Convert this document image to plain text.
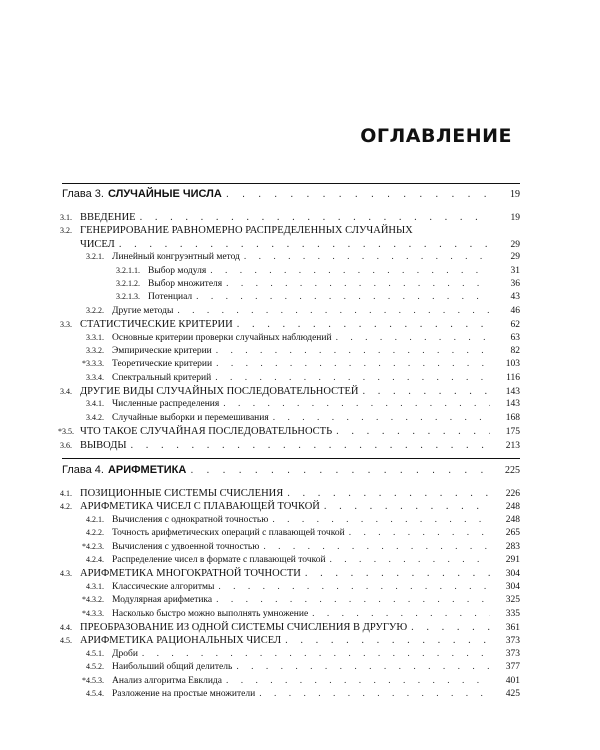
ОГЛАВЛЕНИЕ
Глава 3. СЛУЧАЙНЫЕ ЧИСЛА . . .	19
3.1. ВВЕДЕНИЕ . . .	19
3.2. ГЕНЕРИРОВАНИЕ РАВНОМЕРНО РАСПРЕДЕЛЕННЫХ СЛУЧАЙНЫХ
ЧИСЕЛ . . .	29
3.2.1. Линейный конгруэнтный метод . . .	29
3.2.1.1. Выбор модуля . . .	31
3.2.1.2. Выбор множителя . . .	36
3.2.1.3. Потенциал . . .	43
3.2.2. Другие методы . . .	46
3.3. СТАТИСТИЧЕСКИЕ КРИТЕРИИ . . .	62
3.3.1. Основные критерии проверки случайных наблюдений . . .	63
3.3.2. Эмпирические критерии . . .	82
*3.3.3. Теоретические критерии . . .	103
3.3.4. Спектральный критерий . . .	116
3.4. ДРУГИЕ ВИДЫ СЛУЧАЙНЫХ ПОСЛЕДОВАТЕЛЬНОСТЕЙ . . .	143
3.4.1. Численные распределения . . .	143
3.4.2. Случайные выборки и перемешивания . . .	168
*3.5. ЧТО ТАКОЕ СЛУЧАЙНАЯ ПОСЛЕДОВАТЕЛЬНОСТЬ . . .	175
3.6. ВЫВОДЫ . . .	213
Глава 4. АРИФМЕТИКА . . .	225
4.1. ПОЗИЦИОННЫЕ СИСТЕМЫ СЧИСЛЕНИЯ . . .	226
4.2. АРИФМЕТИКА ЧИСЕЛ С ПЛАВАЮЩЕЙ ТОЧКОЙ . . .	248
4.2.1. Вычисления с однократной точностью . . .	248
4.2.2. Точность арифметических операций с плавающей точкой . . .	265
*4.2.3. Вычисления с удвоенной точностью . . .	283
4.2.4. Распределение чисел в формате с плавающей точкой . . .	291
4.3. АРИФМЕТИКА МНОГОКРАТНОЙ ТОЧНОСТИ . . .	304
4.3.1. Классические алгоритмы . . .	304
*4.3.2. Модулярная арифметика . . .	325
*4.3.3. Насколько быстро можно выполнять умножение . . .	335
4.4. ПРЕОБРАЗОВАНИЕ ИЗ ОДНОЙ СИСТЕМЫ СЧИСЛЕНИЯ В ДРУГУЮ . . .	361
4.5. АРИФМЕТИКА РАЦИОНАЛЬНЫХ ЧИСЕЛ . . .	373
4.5.1. Дроби . . .	373
4.5.2. Наибольший общий делитель . . .	377
*4.5.3. Анализ алгоритма Евклида . . .	401
4.5.4. Разложение на простые множители . . .	425
